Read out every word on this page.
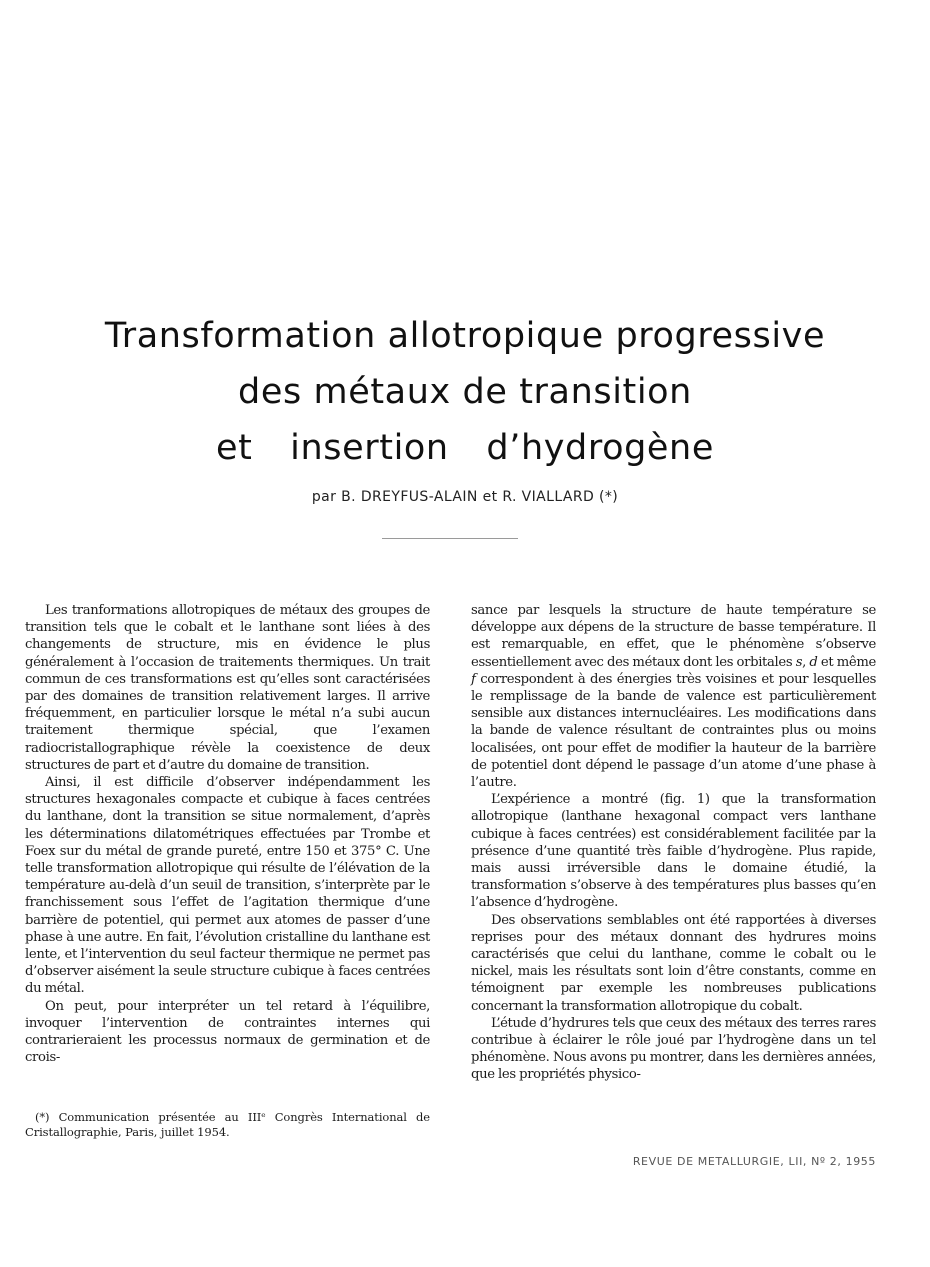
Transformation allotropique progressive
des métaux de transition
et insertion d’hydrogène
par B. DREYFUS-ALAIN et R. VIALLARD (*)

Les tranformations allotropiques de métaux des groupes de transition tels que le cobalt et le lanthane sont liées à des changements de structure, mis en évidence le plus généralement à l’occasion de traitements thermiques. Un trait commun de ces transformations est qu’elles sont caractérisées par des domaines de transition relativement larges. Il arrive fréquemment, en particulier lorsque le métal n’a subi aucun traitement thermique spécial, que l’examen radiocristallographique révèle la coexistence de deux structures de part et d’autre du domaine de transition.

Ainsi, il est difficile d’observer indépendamment les structures hexagonales compacte et cubique à faces centrées du lanthane, dont la transition se situe normalement, d’après les déterminations dilatométriques effectuées par Trombe et Foex sur du métal de grande pureté, entre 150 et 375° C. Une telle transformation allotropique qui résulte de l’élévation de la température au-delà d’un seuil de transition, s’interprète par le franchissement sous l’effet de l’agitation thermique d’une barrière de potentiel, qui permet aux atomes de passer d’une phase à une autre. En fait, l’évolution cristalline du lanthane est lente, et l’intervention du seul facteur thermique ne permet pas d’observer aisément la seule structure cubique à faces centrées du métal.

On peut, pour interpréter un tel retard à l’équilibre, invoquer l’intervention de contraintes internes qui contrarieraient les processus normaux de germination et de crois-

sance par lesquels la structure de haute température se développe aux dépens de la structure de basse température. Il est remarquable, en effet, que le phénomène s’observe essentiellement avec des métaux dont les orbitales s, d et même f correspondent à des énergies très voisines et pour lesquelles le remplissage de la bande de valence est particulièrement sensible aux distances internucléaires. Les modifications dans la bande de valence résultant de contraintes plus ou moins localisées, ont pour effet de modifier la hauteur de la barrière de potentiel dont dépend le passage d’un atome d’une phase à l’autre.

L’expérience a montré (fig. 1) que la transformation allotropique (lanthane hexagonal compact vers lanthane cubique à faces centrées) est considérablement facilitée par la présence d’une quantité très faible d’hydrogène. Plus rapide, mais aussi irréversible dans le domaine étudié, la transformation s’observe à des températures plus basses qu’en l’absence d’hydrogène.

Des observations semblables ont été rapportées à diverses reprises pour des métaux donnant des hydrures moins caractérisés que celui du lanthane, comme le cobalt ou le nickel, mais les résultats sont loin d’être constants, comme en témoignent par exemple les nombreuses publications concernant la transformation allotropique du cobalt.

L’étude d’hydrures tels que ceux des métaux des terres rares contribue à éclairer le rôle joué par l’hydrogène dans un tel phénomène. Nous avons pu montrer, dans les dernières années, que les propriétés physico-

(*) Communication présentée au IIIᵉ Congrès International de Cristallographie, Paris, juillet 1954.
REVUE DE METALLURGIE, LII, Nº 2, 1955
